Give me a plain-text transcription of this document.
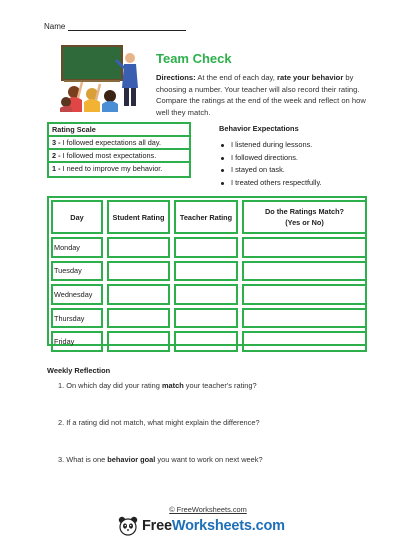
Name
Team Check
Directions: At the end of each day, rate your behavior by choosing a number. Your teacher will also record their rating. Compare the ratings at the end of the week and reflect on how well they match.
Rating Scale
3 - I followed expectations all day.
2 - I followed most expectations.
1 - I need to improve my behavior.
Behavior Expectations
I listened during lessons.
I followed directions.
I stayed on task.
I treated others respectfully.
Day	Student Rating	Teacher Rating
Do the Ratings Match?
(Yes or No)
Monday
Tuesday
Wednesday
Thursday
Friday
Weekly Reflection
1. On which day did your rating match your teacher's rating?
2. If a rating did not match, what might explain the difference?
3. What is one behavior goal you want to work on next week?
© FreeWorksheets.com
FreeWorksheets.com
